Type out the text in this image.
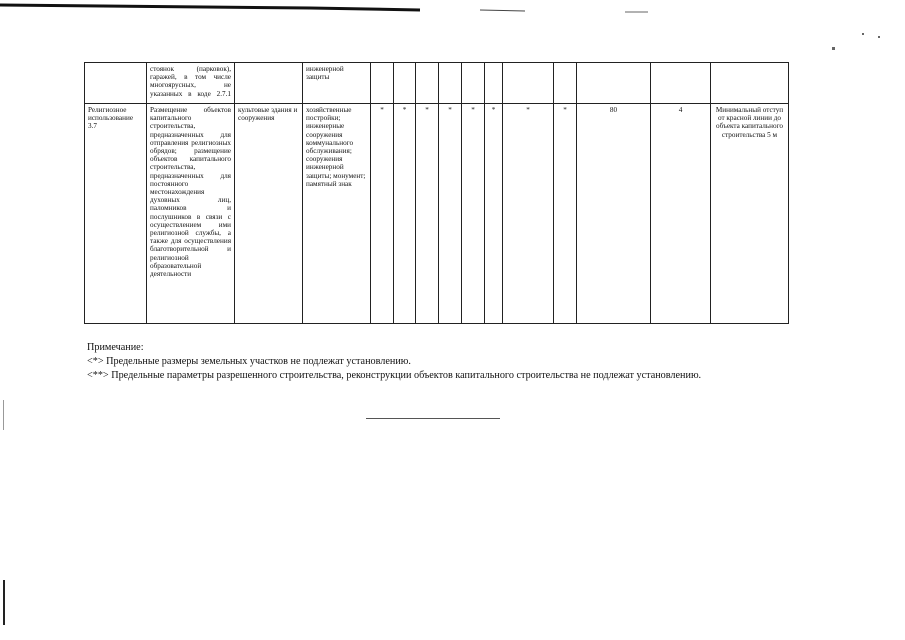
	стоянок (парковок), гаражей, в том числе многоярусных, не указанных в коде 2.7.1		инженерной защиты											
Религиозное использование
3.7	Размещение объектов капитального строительства, предназначенных для отправления религиозных обрядов; размещение объектов капитального строительства, предназначенных для постоянного местонахождения духовных лиц, паломников и послушников в связи с осуществлением ими религиозной службы, а также для осуществления благотворительной и религиозной образовательной деятельности	культовые здания и сооружения	хозяйственные постройки; инженерные сооружения коммунального обслуживания; сооружения инженерной защиты; монумент; памятный знак	*	*	*	*	*	*	*	*	80	4	Минимальный отступ от красной линии до объекта капитального строительства 5 м

Примечание:

<*> Предельные размеры земельных участков не подлежат установлению.

<**> Предельные параметры разрешенного строительства, реконструкции объектов капитального строительства не подлежат установлению.
